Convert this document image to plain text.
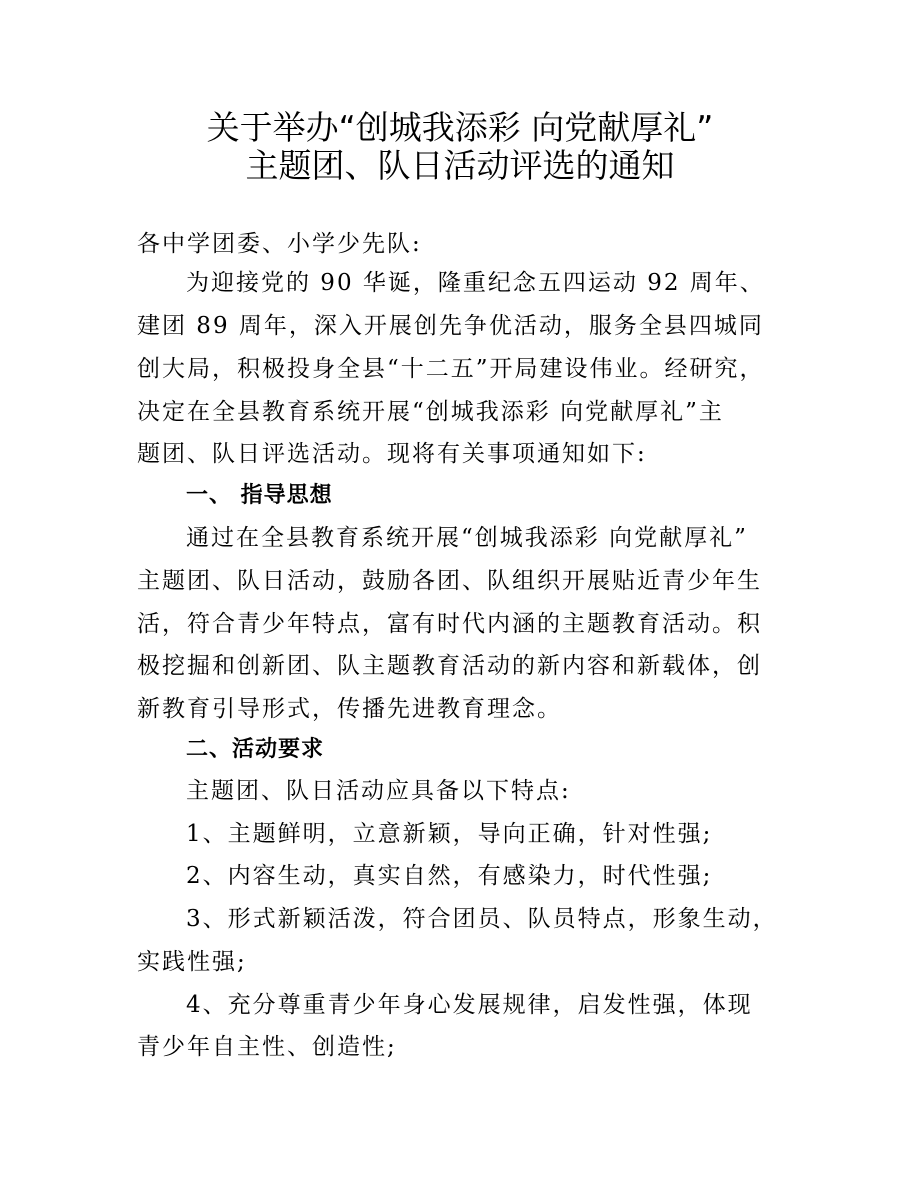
关于举办“创城我添彩 向党献厚礼”
主题团、队日活动评选的通知
各中学团委、小学少先队:
为迎接党的 90 华诞，隆重纪念五四运动 92 周年、
建团 89 周年，深入开展创先争优活动，服务全县四城同
创大局，积极投身全县“十二五”开局建设伟业。经研究，
决定在全县教育系统开展“创城我添彩 向党献厚礼”主
题团、队日评选活动。现将有关事项通知如下:
一、 指导思想
通过在全县教育系统开展“创城我添彩 向党献厚礼”
主题团、队日活动，鼓励各团、队组织开展贴近青少年生
活，符合青少年特点，富有时代内涵的主题教育活动。积
极挖掘和创新团、队主题教育活动的新内容和新载体，创
新教育引导形式，传播先进教育理念。
二、活动要求
主题团、队日活动应具备以下特点:
1、主题鲜明，立意新颖，导向正确，针对性强;
2、内容生动，真实自然，有感染力，时代性强;
3、形式新颖活泼，符合团员、队员特点，形象生动，
实践性强;
4、充分尊重青少年身心发展规律，启发性强，体现
青少年自主性、创造性;
